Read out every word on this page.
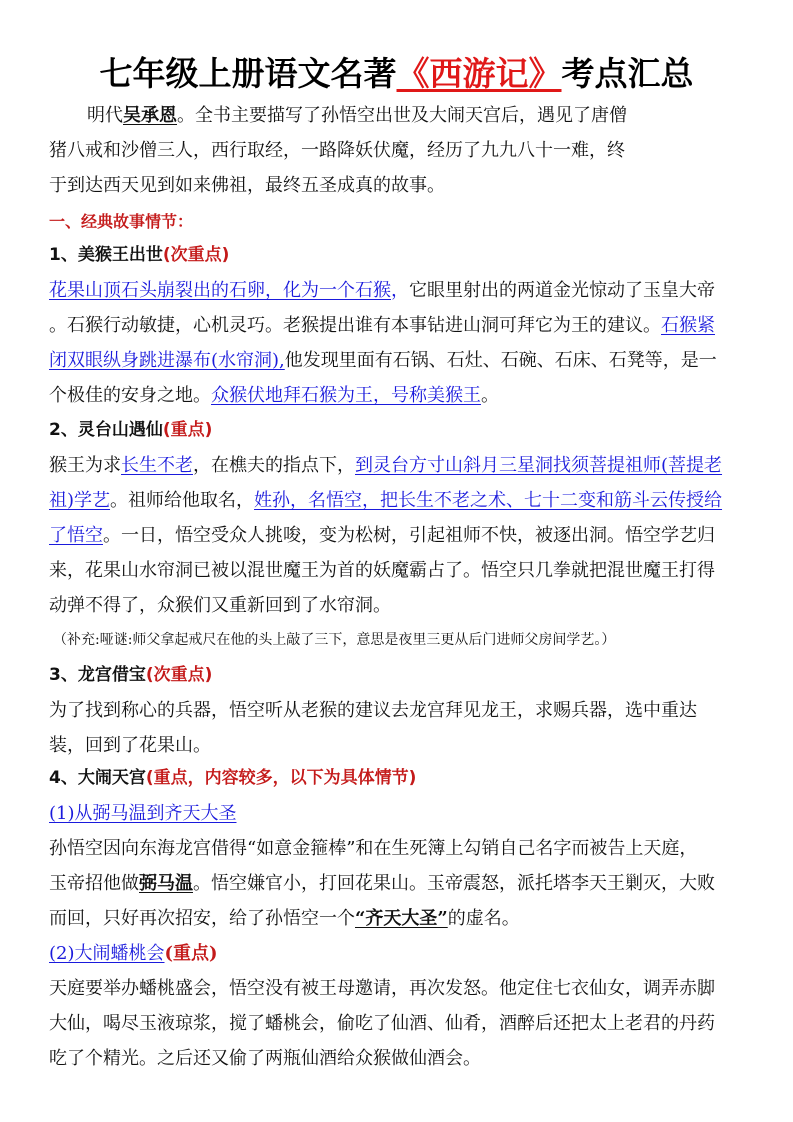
七年级上册语文名著《西游记》考点汇总
明代吴承恩。全书主要描写了孙悟空出世及大闹天宫后，遇见了唐僧
猪八戒和沙僧三人，西行取经，一路降妖伏魔，经历了九九八十一难，终
于到达西天见到如来佛祖，最终五圣成真的故事。
一、经典故事情节：
1、美猴王出世(次重点)
花果山顶石头崩裂出的石卵，化为一个石猴，它眼里射出的两道金光惊动了玉皇大帝
。石猴行动敏捷，心机灵巧。老猴提出谁有本事钻进山洞可拜它为王的建议。石猴紧
闭双眼纵身跳进瀑布(水帘洞),他发现里面有石锅、石灶、石碗、石床、石凳等，是一
个极佳的安身之地。众猴伏地拜石猴为王，号称美猴王。
2、灵台山遇仙(重点)
猴王为求长生不老，在樵夫的指点下，到灵台方寸山斜月三星洞找须菩提祖师(菩提老
祖)学艺。祖师给他取名，姓孙，名悟空，把长生不老之术、七十二变和筋斗云传授给
了悟空。一日，悟空受众人挑唆，变为松树，引起祖师不快，被逐出洞。悟空学艺归
来，花果山水帘洞已被以混世魔王为首的妖魔霸占了。悟空只几拳就把混世魔王打得
动弹不得了，众猴们又重新回到了水帘洞。
（补充:哑谜:师父拿起戒尺在他的头上敲了三下，意思是夜里三更从后门进师父房间学艺。）
3、龙宫借宝(次重点)
为了找到称心的兵器，悟空听从老猴的建议去龙宫拜见龙王，求赐兵器，选中重达
装，回到了花果山。
4、大闹天宫(重点，内容较多，以下为具体情节)
(1)从弼马温到齐天大圣
孙悟空因向东海龙宫借得“如意金箍棒”和在生死簿上勾销自己名字而被告上天庭，
玉帝招他做弼马温。悟空嫌官小，打回花果山。玉帝震怒，派托塔李天王剿灭，大败
而回，只好再次招安，给了孙悟空一个“齐天大圣”的虚名。
(2)大闹蟠桃会(重点)
天庭要举办蟠桃盛会，悟空没有被王母邀请，再次发怒。他定住七衣仙女，调弄赤脚
大仙，喝尽玉液琼浆，搅了蟠桃会，偷吃了仙酒、仙肴，酒醉后还把太上老君的丹药
吃了个精光。之后还又偷了两瓶仙酒给众猴做仙酒会。
